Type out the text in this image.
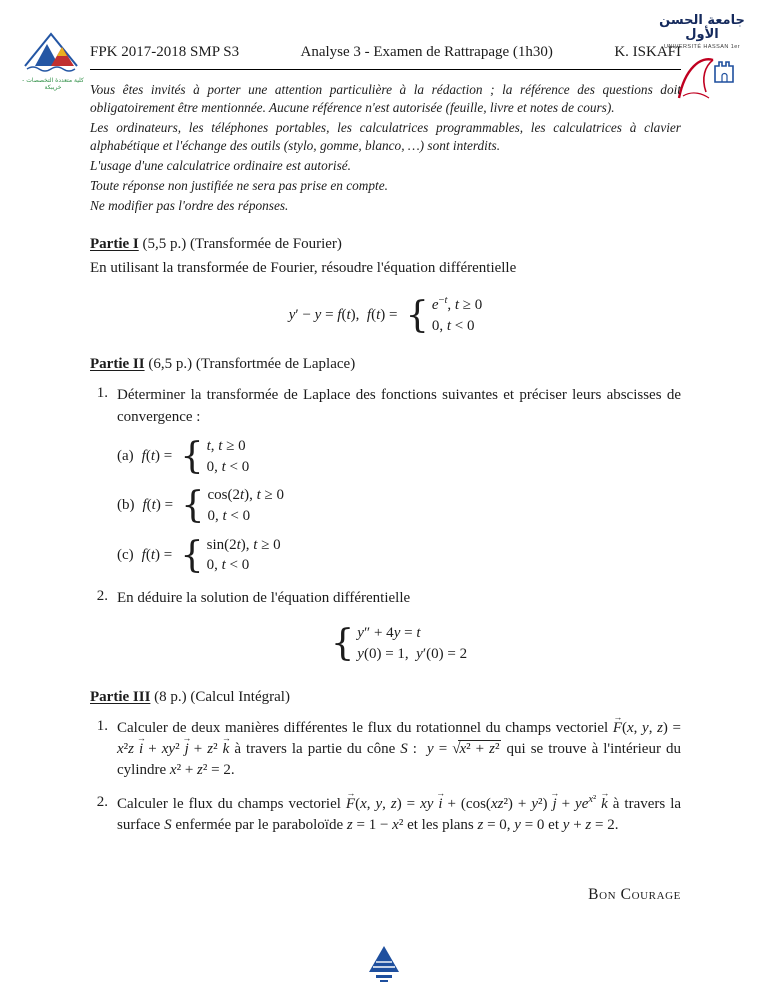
كلية متعددة التخصصات - خريبكة
جامعة الحسن الأول
UNIVERSITÉ HASSAN 1er
FPK 2017-2018 SMP S3	Analyse 3 - Examen de Rattrapage (1h30)	K. ISKAFI

Vous êtes invités à porter une attention particulière à la rédaction ; la référence des questions doit obligatoirement être mentionnée. Aucune référence n'est autorisée (feuille, livre et notes de cours).

Les ordinateurs, les téléphones portables, les calculatrices programmables, les calculatrices à clavier alphabétique et l'échange des outils (stylo, gomme, blanco, …) sont interdits.

L'usage d'une calculatrice ordinaire est autorisé.

Toute réponse non justifiée ne sera pas prise en compte.

Ne modifier pas l'ordre des réponses.

Partie I (5,5 p.) (Transformée de Fourier)

En utilisant la transformée de Fourier, résoudre l'équation différentielle

y′ − y = f(t),  f(t) = { $e^{-t}$, t ≥ 0
0, t < 0
Partie II (6,5 p.) (Transfortmée de Laplace)
1. Déterminer la transformée de Laplace des fonctions suivantes et préciser leurs abscisses de convergence :

(a) f(t) = { t, t ≥ 0
0, t < 0
(b) f(t) = { cos(2t), t ≥ 0
0, t < 0
(c) f(t) = { sin(2t), t ≥ 0
0, t < 0
2. En déduire la solution de l'équation différentielle

{ y″ + 4y = t
y(0) = 1,  y′(0) = 2
Partie III (8 p.) (Calcul Intégral)
1. Calculer de deux manières différentes le flux du rotationnel du champs vectoriel F →(x, y, z) = x²z i → + xy² j → + z² k → à travers la partie du cône S :  y = √x² + z² qui se trouve à l'intérieur du cylindre x² + z² = 2.

2. Calculer le flux du champs vectoriel F →(x, y, z) = xy i → + (cos(xz²) + y²) j → + $ye^{x^2}$ k → à travers la surface S enfermée par le paraboloïde z = 1 − x² et les plans z = 0, y = 0 et y + z = 2.

Bon Courage
